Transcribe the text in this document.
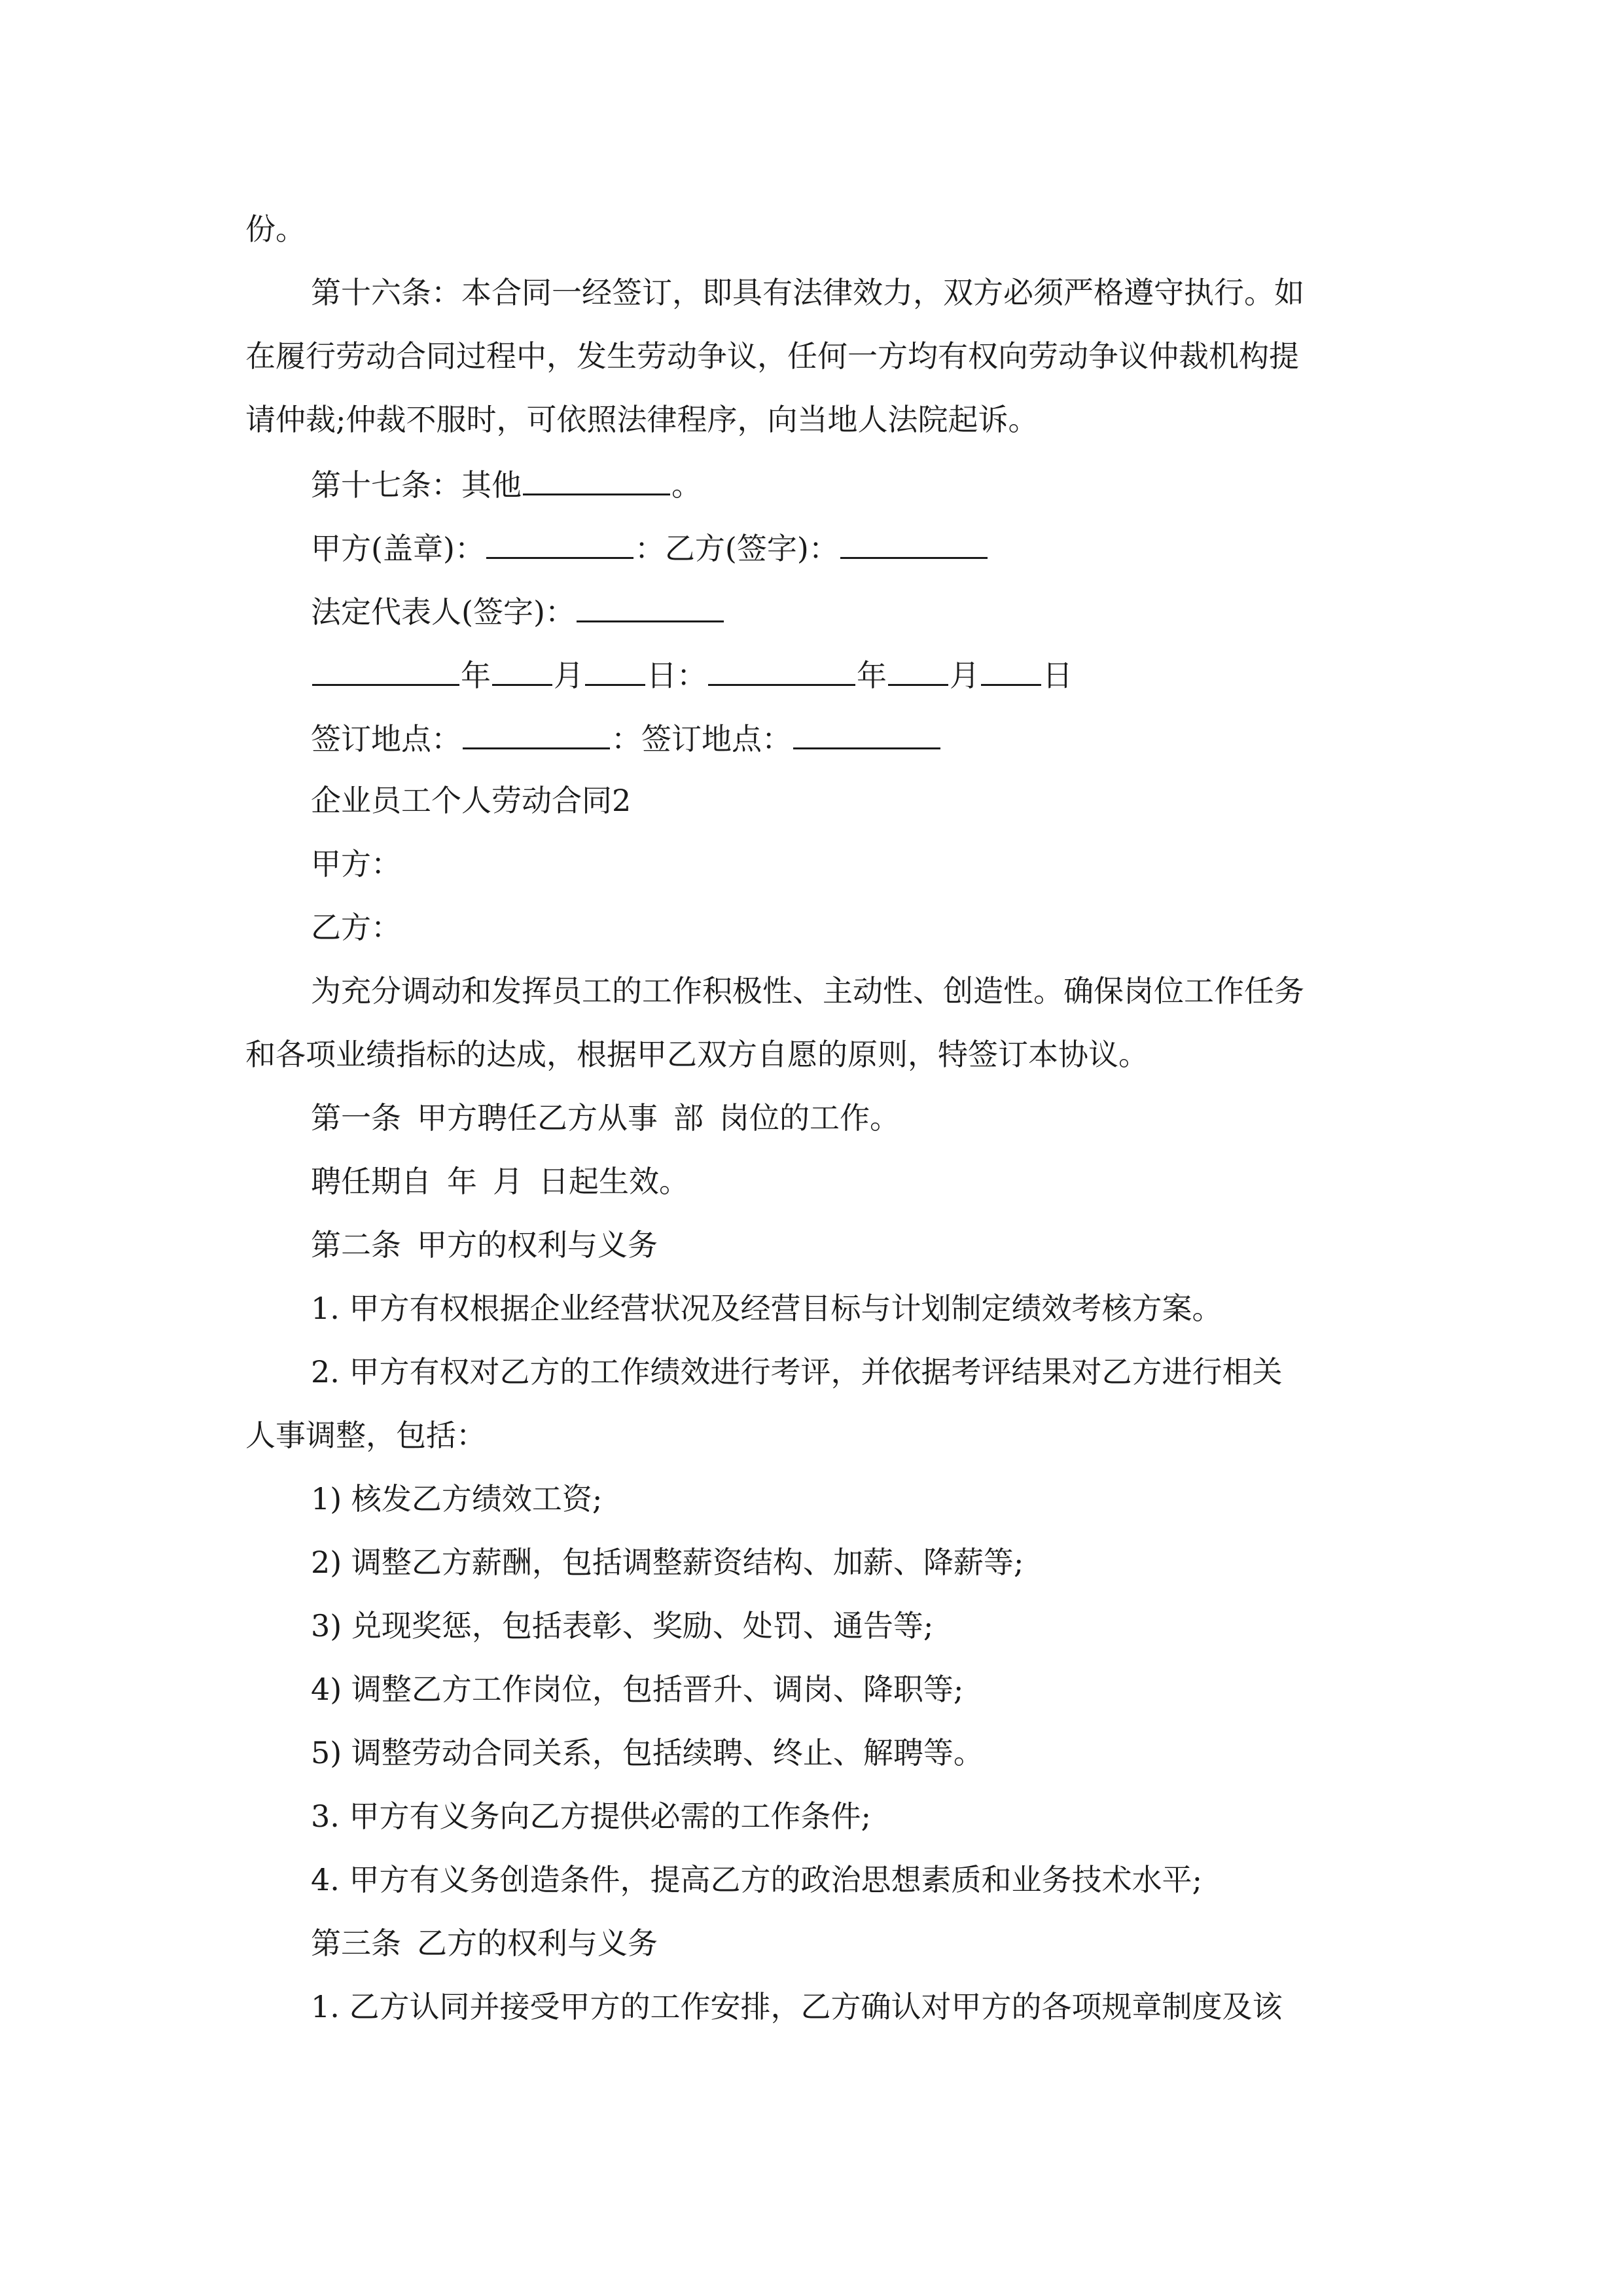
份。
第十六条：本合同一经签订，即具有法律效力，双方必须严格遵守执行。如
在履行劳动合同过程中，发生劳动争议，任何一方均有权向劳动争议仲裁机构提
请仲裁;仲裁不服时，可依照法律程序，向当地人法院起诉。
第十七条：其他	。
甲方(盖章)：	：乙方(签字)：
法定代表人(签字)：
年 月 日：	年 月 日
签订地点：	：签订地点：
企业员工个人劳动合同2
甲方：
乙方：
为充分调动和发挥员工的工作积极性、主动性、创造性。确保岗位工作任务
和各项业绩指标的达成，根据甲乙双方自愿的原则，特签订本协议。
第一条 甲方聘任乙方从事 部 岗位的工作。
聘任期自 年 月 日起生效。
第二条 甲方的权利与义务
1. 甲方有权根据企业经营状况及经营目标与计划制定绩效考核方案。
2. 甲方有权对乙方的工作绩效进行考评，并依据考评结果对乙方进行相关
人事调整，包括：
1) 核发乙方绩效工资;
2) 调整乙方薪酬，包括调整薪资结构、加薪、降薪等;
3) 兑现奖惩，包括表彰、奖励、处罚、通告等;
4) 调整乙方工作岗位，包括晋升、调岗、降职等;
5) 调整劳动合同关系，包括续聘、终止、解聘等。
3. 甲方有义务向乙方提供必需的工作条件;
4. 甲方有义务创造条件，提高乙方的政治思想素质和业务技术水平;
第三条 乙方的权利与义务
1. 乙方认同并接受甲方的工作安排，乙方确认对甲方的各项规章制度及该
